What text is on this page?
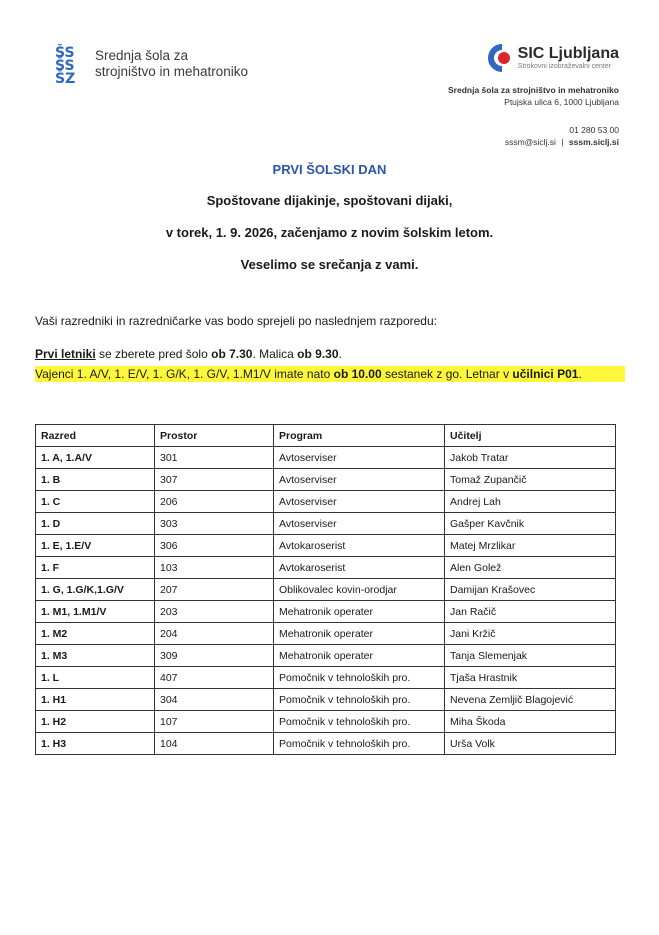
ŠS
ŠS
ŠZ
Srednja šola za
strojništvo in mehatroniko
SIC Ljubljana
Strokovni izobraževalni center
Srednja šola za strojništvo in mehatroniko
Ptujska ulica 6, 1000 Ljubljana
01 280 53 00
sssm@siclj.si | sssm.siclj.si
PRVI ŠOLSKI DAN
Spoštovane dijakinje, spoštovani dijaki,
v torek, 1. 9. 2026, začenjamo z novim šolskim letom.
Veselimo se srečanja z vami.
Vaši razredniki in razredničarke vas bodo sprejeli po naslednjem razporedu:
Prvi letniki se zberete pred šolo ob 7.30. Malica ob 9.30.
Vajenci 1. A/V, 1. E/V, 1. G/K, 1. G/V, 1.M1/V imate nato ob 10.00 sestanek z go. Letnar v učilnici P01.
Razred	Prostor	Program	Učitelj
1. A, 1.A/V	301	Avtoserviser	Jakob Tratar
1. B	307	Avtoserviser	Tomaž Zupančič
1. C	206	Avtoserviser	Andrej Lah
1. D	303	Avtoserviser	Gašper Kavčnik
1. E, 1.E/V	306	Avtokaroserist	Matej Mrzlikar
1. F	103	Avtokaroserist	Alen Golež
1. G, 1.G/K,1.G/V	207	Oblikovalec kovin-orodjar	Damijan Krašovec
1. M1, 1.M1/V	203	Mehatronik operater	Jan Račič
1. M2	204	Mehatronik operater	Jani Kržič
1. M3	309	Mehatronik operater	Tanja Slemenjak
1. L	407	Pomočnik v tehnoloških pro.	Tjaša Hrastnik
1. H1	304	Pomočnik v tehnoloških pro.	Nevena Zemljič Blagojević
1. H2	107	Pomočnik v tehnoloških pro.	Miha Škoda
1. H3	104	Pomočnik v tehnoloških pro.	Urša Volk
